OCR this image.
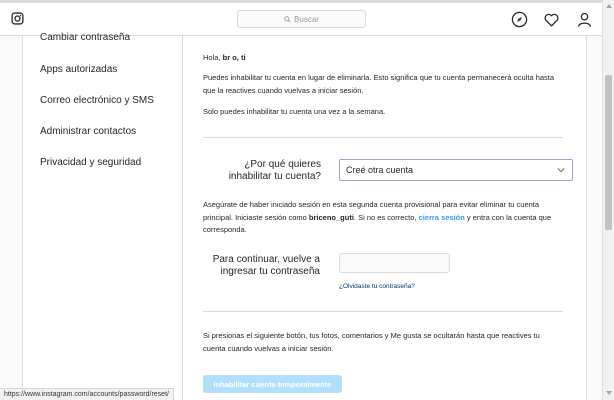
Buscar
Cambiar contraseña
Apps autorizadas
Correo electrónico y SMS
Administrar contactos
Privacidad y seguridad

Hola, br o, ti

Puedes inhabilitar tu cuenta en lugar de eliminarla. Esto significa que tu cuenta permanecerá oculta hasta que la reactives cuando vuelvas a iniciar sesión.

Solo puedes inhabilitar tu cuenta una vez a la semana.

Asegúrate de haber iniciado sesión en esta segunda cuenta provisional para evitar eliminar tu cuenta principal. Iniciaste sesión como briceno_guti. Si no es correcto, cierra sesión y entra con la cuenta que corresponda.

Si presionas el siguiente botón, tus fotos, comentarios y Me gusta se ocultarán hasta que reactives tu cuenta cuando vuelvas a iniciar sesión.

¿Por qué quieres inhabilitar tu cuenta?
Creé otra cuenta
Para continuar, vuelve a ingresar tu contraseña
¿Olvidaste tu contraseña?
Inhabilitar cuenta temporalmente
https://www.instagram.com/accounts/password/reset/
